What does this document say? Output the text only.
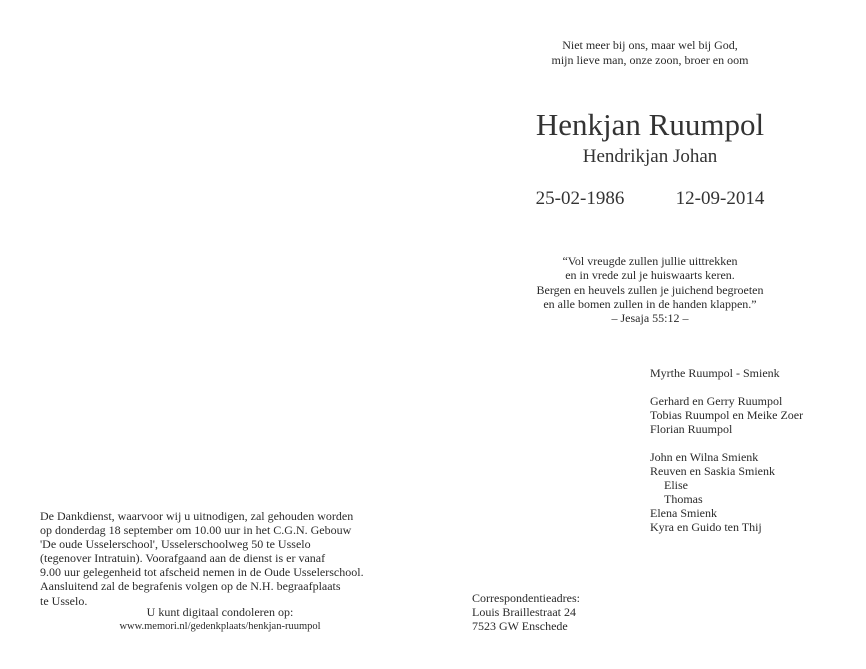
Niet meer bij ons, maar wel bij God,
mijn lieve man, onze zoon, broer en oom
Henkjan Ruumpol
Hendrikjan Johan
25-02-1986	12-09-2014
“Vol vreugde zullen jullie uittrekken
en in vrede zul je huiswaarts keren.
Bergen en heuvels zullen je juichend begroeten
en alle bomen zullen in de handen klappen.”
– Jesaja 55:12 –
Myrthe Ruumpol - Smienk
Gerhard en Gerry Ruumpol
Tobias Ruumpol en Meike Zoer
Florian Ruumpol
John en Wilna Smienk
Reuven en Saskia Smienk
Elise
Thomas
Elena Smienk
Kyra en Guido ten Thij
De Dankdienst, waarvoor wij u uitnodigen, zal gehouden worden
op donderdag 18 september om 10.00 uur in het C.G.N. Gebouw
'De oude Usselerschool', Usselerschoolweg 50 te Usselo
(tegenover Intratuin). Voorafgaand aan de dienst is er vanaf
9.00 uur gelegenheid tot afscheid nemen in de Oude Usselerschool.
Aansluitend zal de begrafenis volgen op de N.H. begraafplaats
te Usselo.
U kunt digitaal condoleren op:
www.memori.nl/gedenkplaats/henkjan-ruumpol
Correspondentieadres:
Louis Braillestraat 24
7523 GW Enschede
